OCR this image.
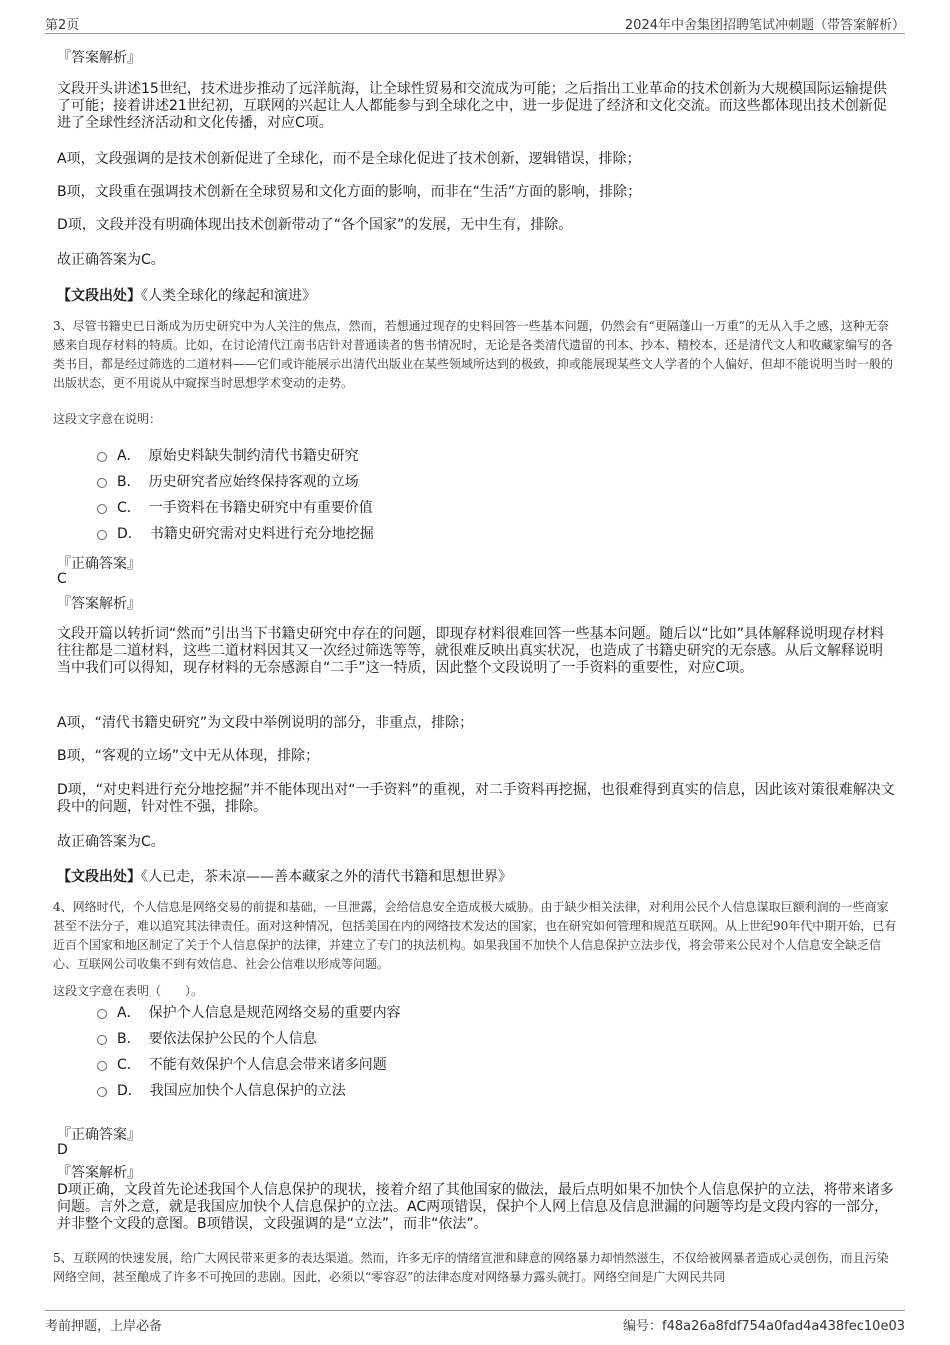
第2页	2024年中舍集团招聘笔试冲刺题（带答案解析）
『答案解析』
文段开头讲述15世纪，技术进步推动了远洋航海，让全球性贸易和交流成为可能；之后指出工业革命的技术创新为大规模国际运输提供了可能；接着讲述21世纪初，互联网的兴起让人人都能参与到全球化之中，进一步促进了经济和文化交流。而这些都体现出技术创新促进了全球性经济活动和文化传播，对应C项。
A项，文段强调的是技术创新促进了全球化，而不是全球化促进了技术创新，逻辑错误，排除；
B项，文段重在强调技术创新在全球贸易和文化方面的影响，而非在“生活”方面的影响，排除；
D项，文段并没有明确体现出技术创新带动了“各个国家”的发展，无中生有，排除。
故正确答案为C。
【文段出处】《人类全球化的缘起和演进》
3、尽管书籍史已日渐成为历史研究中为人关注的焦点，然而，若想通过现存的史料回答一些基本问题，仍然会有“更隔蓬山一万重”的无从入手之感，这种无奈感来自现存材料的特质。比如，在讨论清代江南书店针对普通读者的售书情况时，无论是各类清代遗留的刊本、抄本、精校本，还是清代文人和收藏家编写的各类书目，都是经过筛选的二道材料——它们或许能展示出清代出版业在某些领域所达到的极致，抑或能展现某些文人学者的个人偏好，但却不能说明当时一般的出版状态，更不用说从中窥探当时思想学术变动的走势。
这段文字意在说明：
A． 原始史料缺失制约清代书籍史研究
B． 历史研究者应始终保持客观的立场
C． 一手资料在书籍史研究中有重要价值
D． 书籍史研究需对史料进行充分地挖掘
『正确答案』
C
『答案解析』
文段开篇以转折词“然而”引出当下书籍史研究中存在的问题，即现存材料很难回答一些基本问题。随后以“比如”具体解释说明现存材料往往都是二道材料，这些二道材料因其又一次经过筛选等等，就很难反映出真实状况，也造成了书籍史研究的无奈感。从后文解释说明当中我们可以得知，现存材料的无奈感源自“二手”这一特质，因此整个文段说明了一手资料的重要性，对应C项。
A项，“清代书籍史研究”为文段中举例说明的部分，非重点，排除；
B项，“客观的立场”文中无从体现，排除；
D项，“对史料进行充分地挖掘”并不能体现出对“一手资料”的重视，对二手资料再挖掘，也很难得到真实的信息，因此该对策很难解决文段中的问题，针对性不强，排除。
故正确答案为C。
【文段出处】《人已走，茶未凉——善本藏家之外的清代书籍和思想世界》
4、网络时代，个人信息是网络交易的前提和基础，一旦泄露，会给信息安全造成极大威胁。由于缺少相关法律，对利用公民个人信息谋取巨额利润的一些商家甚至不法分子，难以追究其法律责任。面对这种情况，包括美国在内的网络技术发达的国家，也在研究如何管理和规范互联网。从上世纪90年代中期开始，已有近百个国家和地区制定了关于个人信息保护的法律，并建立了专门的执法机构。如果我国不加快个人信息保护立法步伐，将会带来公民对个人信息安全缺乏信心、互联网公司收集不到有效信息、社会公信难以形成等问题。
这段文字意在表明（　　）。
A． 保护个人信息是规范网络交易的重要内容
B． 要依法保护公民的个人信息
C． 不能有效保护个人信息会带来诸多问题
D． 我国应加快个人信息保护的立法
『正确答案』
D
『答案解析』
D项正确，文段首先论述我国个人信息保护的现状，接着介绍了其他国家的做法，最后点明如果不加快个人信息保护的立法，将带来诸多问题。言外之意，就是我国应加快个人信息保护的立法。AC两项错误，保护个人网上信息及信息泄漏的问题等均是文段内容的一部分，并非整个文段的意图。B项错误，文段强调的是“立法”，而非“依法”。
5、互联网的快速发展，给广大网民带来更多的表达渠道。然而，许多无序的情绪宣泄和肆意的网络暴力却悄然滋生，不仅给被网暴者造成心灵创伤，而且污染网络空间，甚至酿成了许多不可挽回的悲剧。因此，必须以“零容忍”的法律态度对网络暴力露头就打。网络空间是广大网民共同
考前押题，上岸必备	编号：f48a26a8fdf754a0fad4a438fec10e03
